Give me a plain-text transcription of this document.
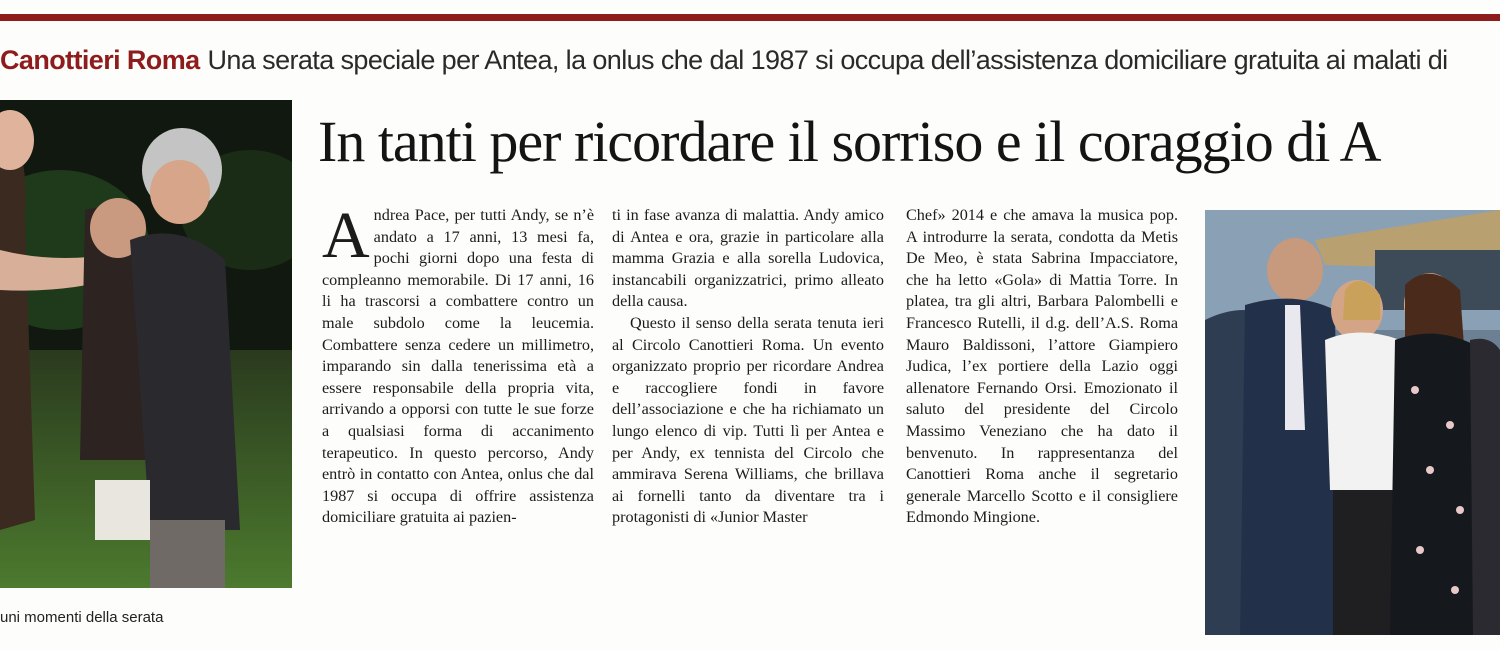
Canottieri Roma Una serata speciale per Antea, la onlus che dal 1987 si occupa dell’assistenza domiciliare gratuita ai malati di
uni momenti della serata
In tanti per ricordare il sorriso e il coraggio di A
A ndrea Pace, per tutti Andy, se n’è andato a 17 anni, 13 mesi fa, pochi giorni dopo una festa di compleanno memorabile. Di 17 anni, 16 li ha trascorsi a combattere contro un male subdolo come la leucemia. Combattere senza cedere un millimetro, imparando sin dalla tenerissima età a essere responsabile della propria vita, arrivando a opporsi con tutte le sue forze a qualsiasi forma di accanimento terapeutico. In questo percorso, Andy entrò in contatto con Antea, onlus che dal 1987 si occupa di offrire assistenza domiciliare gratuita ai pazien-

ti in fase avanza di malattia. Andy amico di Antea e ora, grazie in particolare alla mamma Grazia e alla sorella Ludovica, instancabili organizzatrici, primo alleato della causa.

Questo il senso della serata tenuta ieri al Circolo Canottieri Roma. Un evento organizzato proprio per ricordare Andrea e raccogliere fondi in favore dell’associazione e che ha richiamato un lungo elenco di vip. Tutti lì per Antea e per Andy, ex tennista del Circolo che ammirava Serena Williams, che brillava ai fornelli tanto da diventare tra i protagonisti di «Junior Master

Chef» 2014 e che amava la musica pop. A introdurre la serata, condotta da Metis De Meo, è stata Sabrina Impacciatore, che ha letto «Gola» di Mattia Torre. In platea, tra gli altri, Barbara Palombelli e Francesco Rutelli, il d.g. dell’A.S. Roma Mauro Baldissoni, l’attore Giampiero Judica, l’ex portiere della Lazio oggi allenatore Fernando Orsi. Emozionato il saluto del presidente del Circolo Massimo Veneziano che ha dato il benvenuto. In rappresentanza del Canottieri Roma anche il segretario generale Marcello Scotto e il consigliere Edmondo Mingione.
